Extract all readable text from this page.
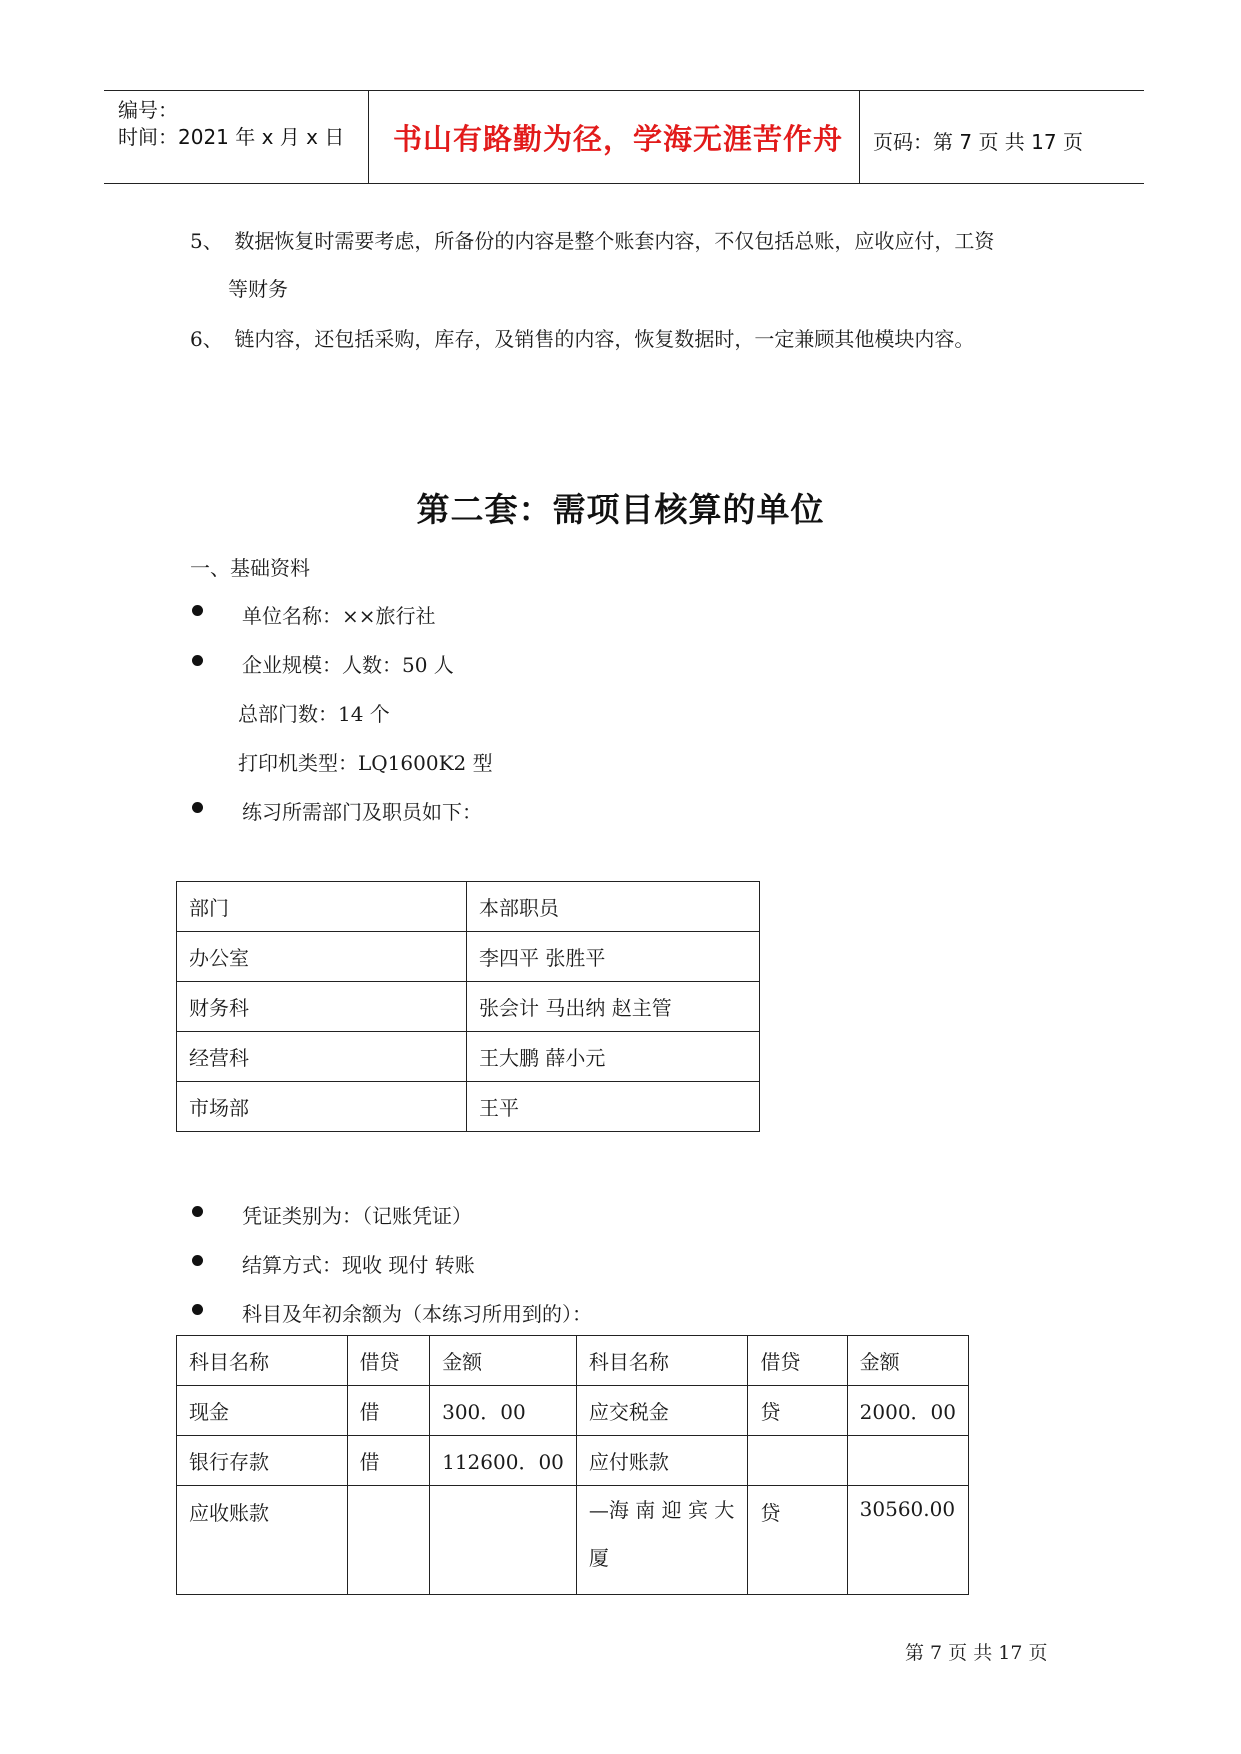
编号：
时间：2021 年 x 月 x 日 书山有路勤为径，学海无涯苦作舟 页码：第 7 页 共 17 页
5、 数据恢复时需要考虑，所备份的内容是整个账套内容，不仅包括总账，应收应付，工资
等财务
6、 链内容，还包括采购，库存，及销售的内容，恢复数据时，一定兼顾其他模块内容。
第二套：需项目核算的单位
一、基础资料
单位名称：××旅行社
企业规模：人数：50 人
总部门数：14 个
打印机类型：LQ1600K2 型
练习所需部门及职员如下：
部门	本部职员
办公室	李四平 张胜平
财务科	张会计 马出纳 赵主管
经营科	王大鹏 薛小元
市场部	王平
凭证类别为：（记账凭证）
结算方式：现收 现付 转账
科目及年初余额为（本练习所用到的）：
科目名称	借贷	金额	科目名称	借贷	金额
现金	借	300．00	应交税金	贷	2000．00
银行存款	借	112600．00	应付账款		
应收账款			—海 南 迎 宾 大 厦	贷	30560.00
第 7 页 共 17 页
